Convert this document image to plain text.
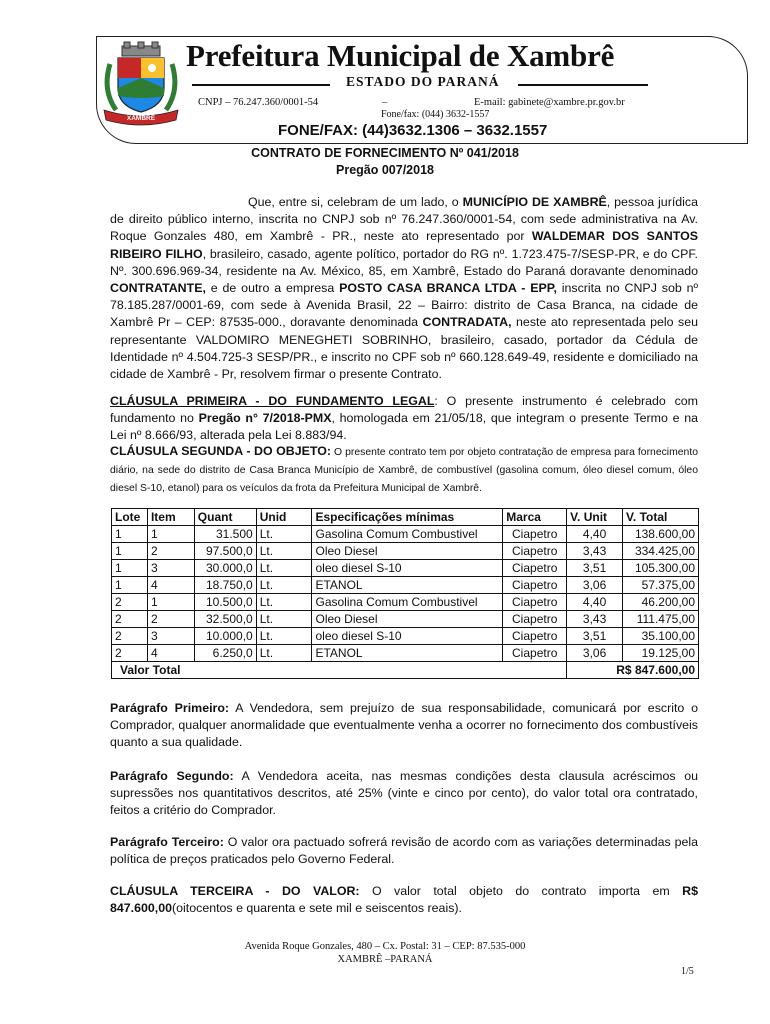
XAMBRÊ
Prefeitura Municipal de Xambrê
ESTADO DO PARANÁ
CNPJ – 76.247.360/0001-54	–	E-mail: gabinete@xambre.pr.gov.br
Fone/fax: (044) 3632-1557
FONE/FAX: (44)3632.1306 – 3632.1557
CONTRATO DE FORNECIMENTO Nº 041/2018
Pregão 007/2018
Que, entre si, celebram de um lado, o MUNICÍPIO DE XAMBRÊ, pessoa jurídica de direito público interno, inscrita no CNPJ sob nº 76.247.360/0001-54, com sede administrativa na Av. Roque Gonzales 480, em Xambrê - PR., neste ato representado por WALDEMAR DOS SANTOS RIBEIRO FILHO, brasileiro, casado, agente político, portador do RG nº. 1.723.475-7/SESP-PR, e do CPF. Nº. 300.696.969-34, residente na Av. México, 85, em Xambrê, Estado do Paraná doravante denominado CONTRATANTE, e de outro a empresa POSTO CASA BRANCA LTDA - EPP, inscrita no CNPJ sob nº 78.185.287/0001-69, com sede à Avenida Brasil, 22 – Bairro: distrito de Casa Branca, na cidade de Xambrê Pr – CEP: 87535-000., doravante denominada CONTRADATA, neste ato representada pelo seu representante VALDOMIRO MENEGHETI SOBRINHO, brasileiro, casado, portador da Cédula de Identidade nº 4.504.725-3 SESP/PR., e inscrito no CPF sob nº 660.128.649-49, residente e domiciliado na cidade de Xambrê - Pr, resolvem firmar o presente Contrato.
CLÁUSULA PRIMEIRA - DO FUNDAMENTO LEGAL: O presente instrumento é celebrado com fundamento no Pregão n° 7/2018-PMX, homologada em 21/05/18, que integram o presente Termo e na Lei nº 8.666/93, alterada pela Lei 8.883/94.
CLÁUSULA SEGUNDA - DO OBJETO: O presente contrato tem por objeto contratação de empresa para fornecimento diário, na sede do distrito de Casa Branca Município de Xambrê, de combustível (gasolina comum, óleo diesel comum, óleo diesel S-10, etanol) para os veículos da frota da Prefeitura Municipal de Xambrê.
Lote	Item	Quant	Unid	Especificações mínimas	Marca	V. Unit	V. Total
1	1	31.500	Lt.	Gasolina Comum Combustivel	Ciapetro	4,40	138.600,00
1	2	97.500,0	Lt.	Oleo Diesel	Ciapetro	3,43	334.425,00
1	3	30.000,0	Lt.	oleo diesel S-10	Ciapetro	3,51	105.300,00
1	4	18.750,0	Lt.	ETANOL	Ciapetro	3,06	57.375,00
2	1	10.500,0	Lt.	Gasolina Comum Combustivel	Ciapetro	4,40	46.200,00
2	2	32.500,0	Lt.	Oleo Diesel	Ciapetro	3,43	111.475,00
2	3	10.000,0	Lt.	oleo diesel S-10	Ciapetro	3,51	35.100,00
2	4	6.250,0	Lt.	ETANOL	Ciapetro	3,06	19.125,00
Valor Total						R$ 847.600,00	
Parágrafo Primeiro: A Vendedora, sem prejuízo de sua responsabilidade, comunicará por escrito o Comprador, qualquer anormalidade que eventualmente venha a ocorrer no fornecimento dos combustíveis quanto a sua qualidade.
Parágrafo Segundo: A Vendedora aceita, nas mesmas condições desta clausula acréscimos ou supressões nos quantitativos descritos, até 25% (vinte e cinco por cento), do valor total ora contratado, feitos a critério do Comprador.
Parágrafo Terceiro: O valor ora pactuado sofrerá revisão de acordo com as variações determinadas pela política de preços praticados pelo Governo Federal.
CLÁUSULA TERCEIRA - DO VALOR: O valor total objeto do contrato importa em R$ 847.600,00(oitocentos e quarenta e sete mil e seiscentos reais).
Avenida Roque Gonzales, 480 – Cx. Postal: 31 – CEP: 87.535-000
XAMBRÊ –PARANÁ
1/5
